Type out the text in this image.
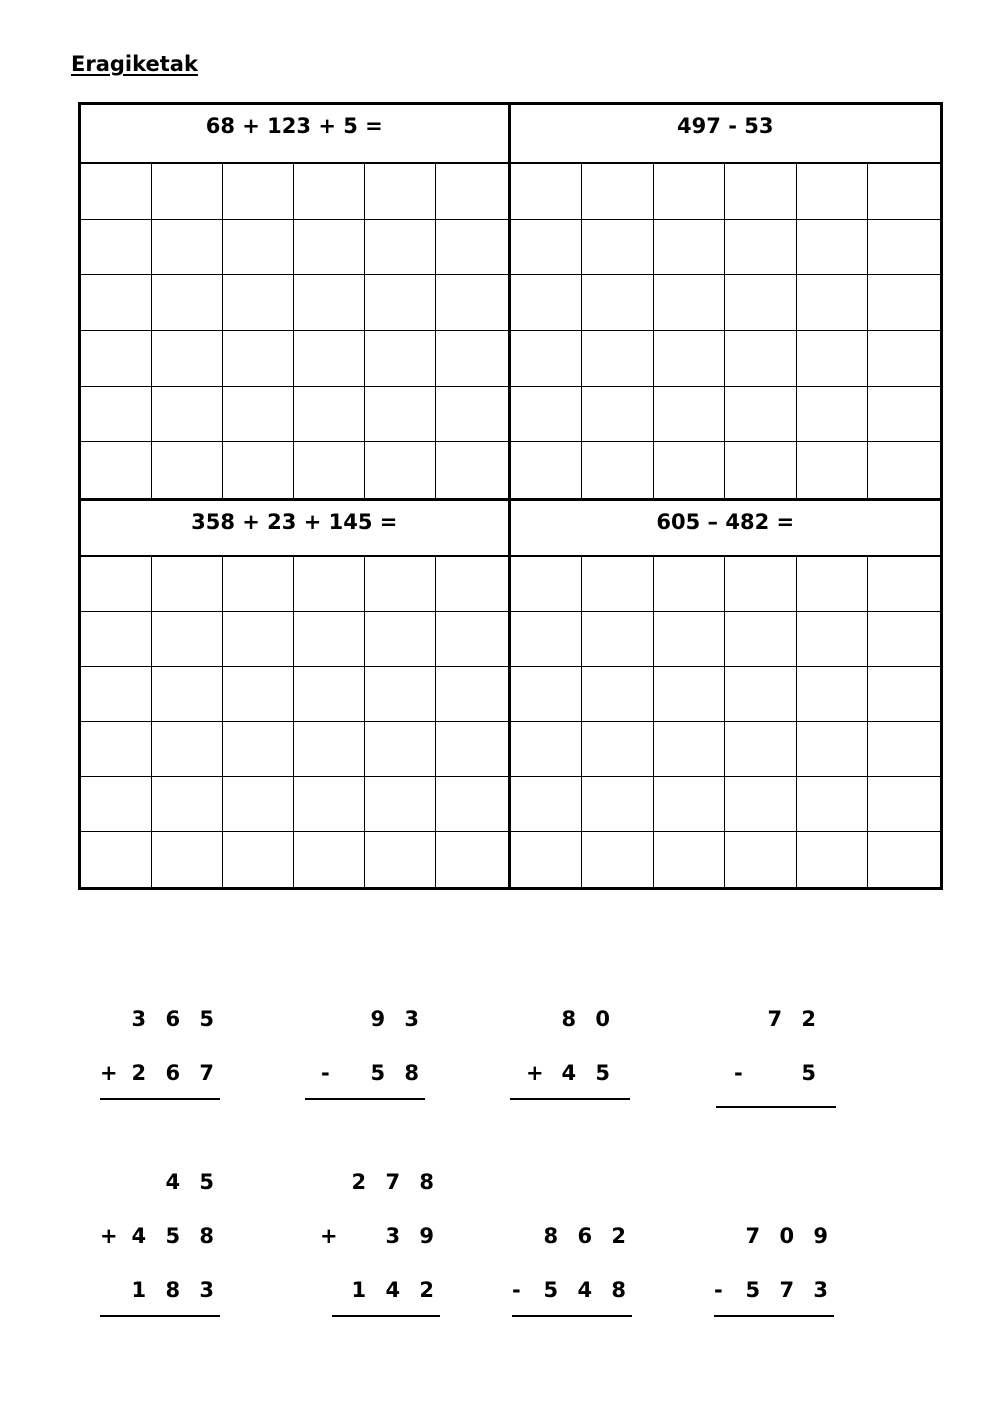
Eragiketak
68 + 123 + 5 =	497 - 53
358 + 23 + 145 =	605 – 482 =
3 6 5
+ 2 6 7
9 3
- 5 8
8 0
+ 4 5
7 2
-	5
4 5
+ 4 5 8
1 8 3
2 7 8
+ 3 9
1 4 2
8 6 2
- 5 4 8
7 0 9
- 5 7 3
